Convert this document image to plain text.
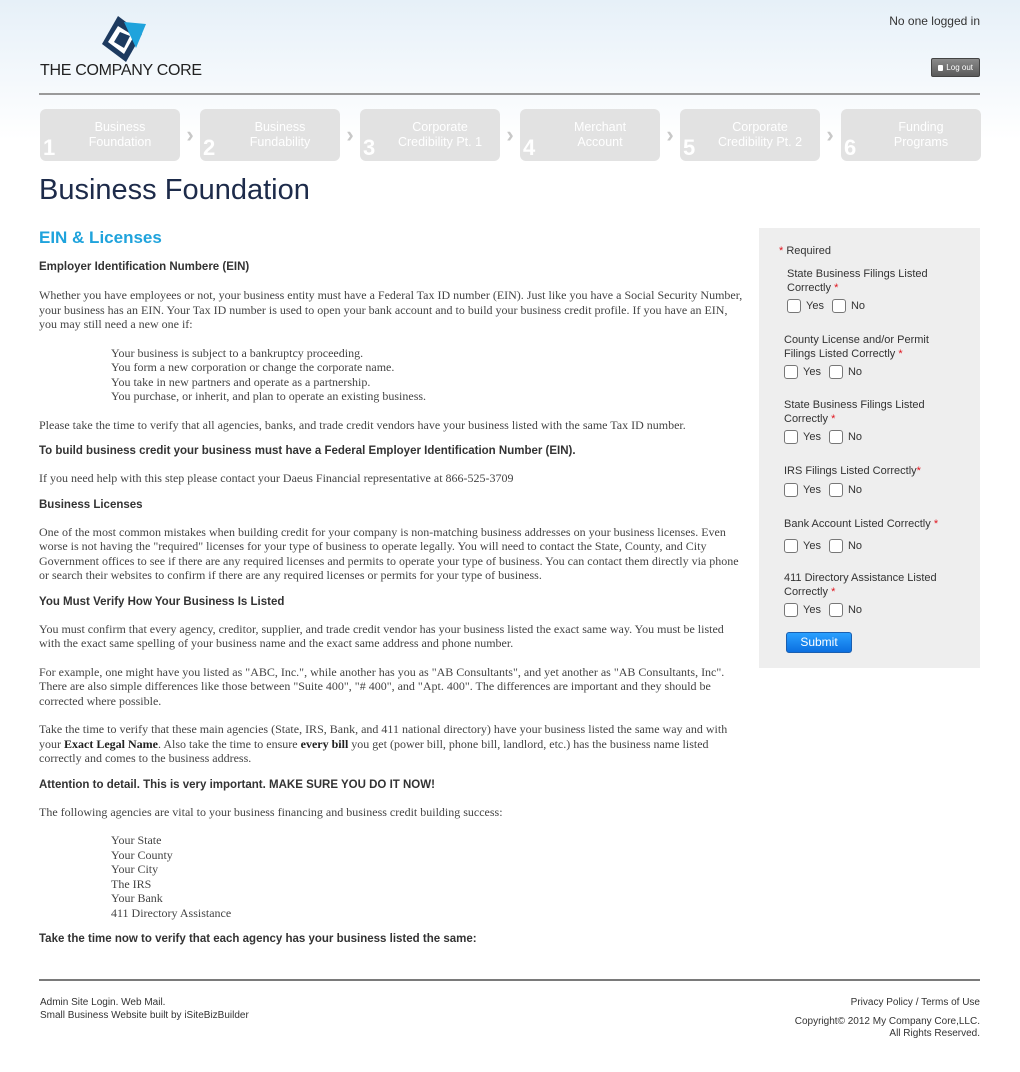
THE COMPANY CORE
No one logged in
Log out
1
Business
Foundation	›
2
Business
Fundability	›
3
Corporate
Credibility Pt. 1	›
4
Merchant
Account	›
5
Corporate
Credibility Pt. 2	›
6
Funding
Programs
Business Foundation
EIN & Licenses
Employer Identification Numbere (EIN)

Whether you have employees or not, your business entity must have a Federal Tax ID number (EIN). Just like you have a Social Security Number, your business has an EIN. Your Tax ID number is used to open your bank account and to build your business credit profile. If you have an EIN, you may still need a new one if:

Your business is subject to a bankruptcy proceeding.
You form a new corporation or change the corporate name.
You take in new partners and operate as a partnership.
You purchase, or inherit, and plan to operate an existing business.

Please take the time to verify that all agencies, banks, and trade credit vendors have your business listed with the same Tax ID number.

To build business credit your business must have a Federal Employer Identification Number (EIN).

If you need help with this step please contact your Daeus Financial representative at 866-525-3709

Business Licenses

One of the most common mistakes when building credit for your company is non-matching business addresses on your business licenses. Even worse is not having the "required" licenses for your type of business to operate legally. You will need to contact the State, County, and City Government offices to see if there are any required licenses and permits to operate your type of business. You can contact them directly via phone or search their websites to confirm if there are any required licenses or permits for your type of business.

You Must Verify How Your Business Is Listed

You must confirm that every agency, creditor, supplier, and trade credit vendor has your business listed the exact same way. You must be listed with the exact same spelling of your business name and the exact same address and phone number.

For example, one might have you listed as "ABC, Inc.", while another has you as "AB Consultants", and yet another as "AB Consultants, Inc". There are also simple differences like those between "Suite 400", "# 400", and "Apt. 400". The differences are important and they should be corrected where possible.

Take the time to verify that these main agencies (State, IRS, Bank, and 411 national directory) have your business listed the same way and with your Exact Legal Name. Also take the time to ensure every bill you get (power bill, phone bill, landlord, etc.) has the business name listed correctly and comes to the business address.

Attention to detail. This is very important. MAKE SURE YOU DO IT NOW!

The following agencies are vital to your business financing and business credit building success:

Your State
Your County
Your City
The IRS
Your Bank
411 Directory Assistance
Take the time now to verify that each agency has your business listed the same:
* Required
State Business Filings Listed
Correctly *
Yes No
County License and/or Permit
Filings Listed Correctly *
Yes No
State Business Filings Listed
Correctly *
Yes No
IRS Filings Listed Correctly*
Yes No
Bank Account Listed Correctly *
Yes No
411 Directory Assistance Listed
Correctly *
Yes No
Submit
Admin Site Login. Web Mail.
Small Business Website built by iSiteBizBuilder
Privacy Policy / Terms of Use
Copyright© 2012 My Company Core,LLC.
All Rights Reserved.
